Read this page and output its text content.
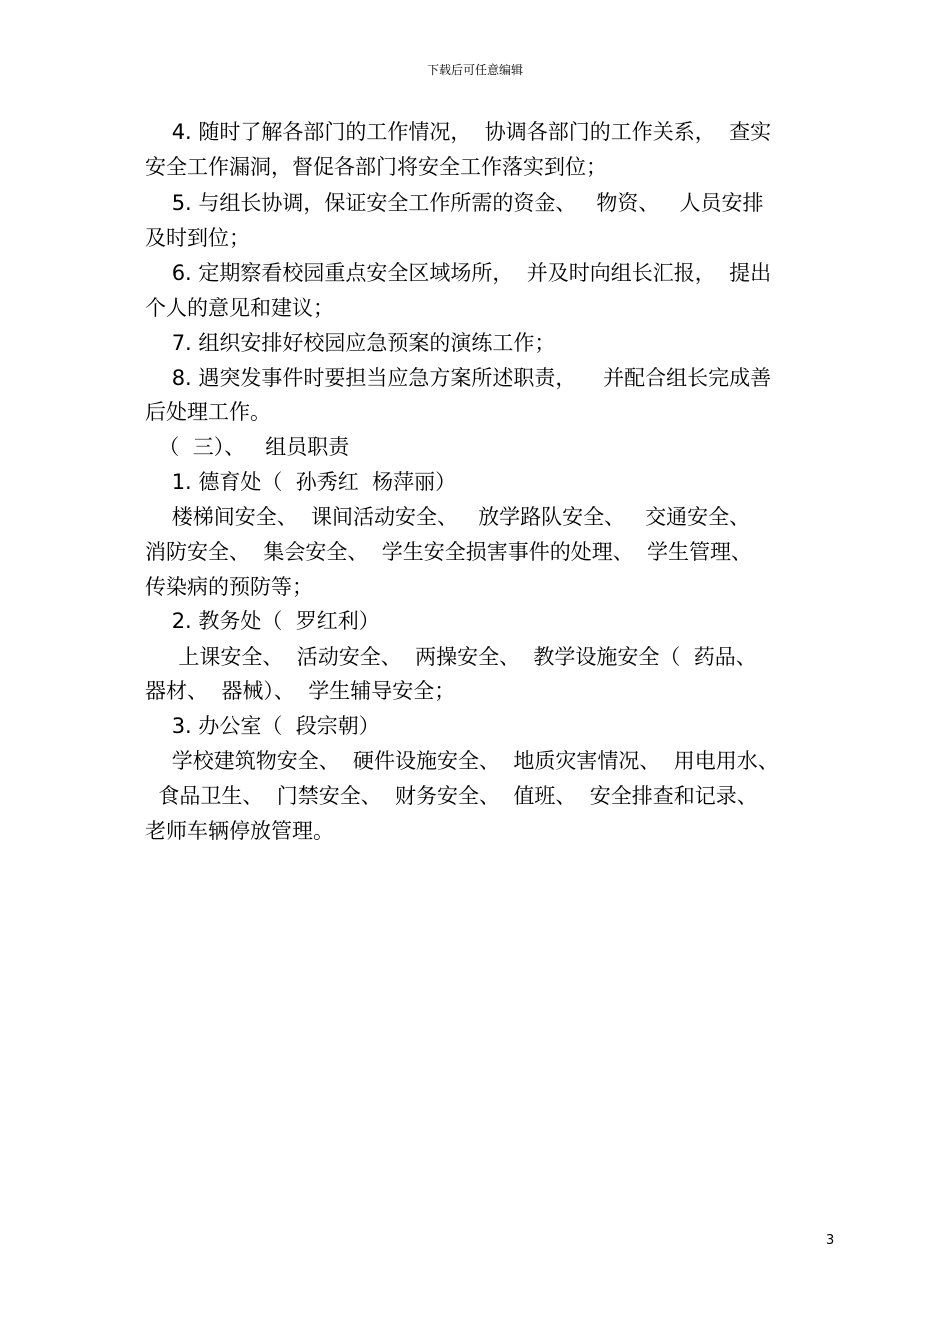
下载后可任意编辑
4. 随时了解各部门的工作情况，  协调各部门的工作关系，  查实
安全工作漏洞，督促各部门将安全工作落实到位；
5. 与组长协调，保证安全工作所需的资金、   物资、   人员安排
及时到位；
6. 定期察看校园重点安全区域场所，  并及时向组长汇报，  提出
个人的意见和建议；
7. 组织安排好校园应急预案的演练工作；
8. 遇突发事件时要担当应急方案所述职责，    并配合组长完成善
后处理工作。
（  三）、   组员职责
1. 德育处（  孙秀红  杨萍丽）
楼梯间安全、  课间活动安全、   放学路队安全、   交通安全、
消防安全、  集会安全、  学生安全损害事件的处理、  学生管理、
传染病的预防等；
2. 教务处（  罗红利）
上课安全、  活动安全、  两操安全、  教学设施安全（  药品、
器材、  器械）、  学生辅导安全；
3. 办公室（  段宗朝）
学校建筑物安全、  硬件设施安全、  地质灾害情况、  用电用水、
食品卫生、  门禁安全、  财务安全、  值班、  安全排查和记录、
老师车辆停放管理。
3
